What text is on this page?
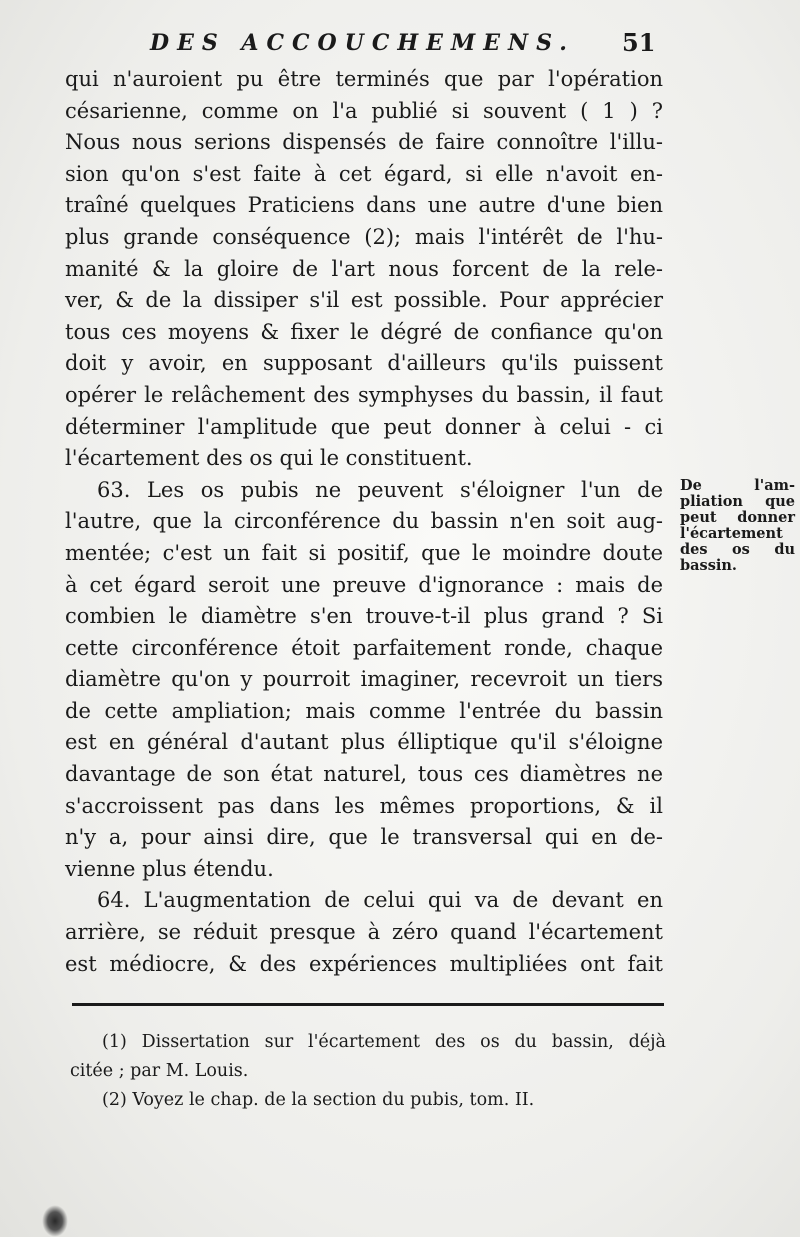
DES ACCOUCHEMENS. 51
qui n'auroient pu être terminés que par l'opération
césarienne, comme on l'a publié si souvent ( 1 ) ?
Nous nous serions dispensés de faire connoître l'illu-
sion qu'on s'est faite à cet égard, si elle n'avoit en-
traîné quelques Praticiens dans une autre d'une bien
plus grande conséquence (2); mais l'intérêt de l'hu-
manité & la gloire de l'art nous forcent de la rele-
ver, & de la dissiper s'il est possible. Pour apprécier
tous ces moyens & fixer le dégré de confiance qu'on
doit y avoir, en supposant d'ailleurs qu'ils puissent
opérer le relâchement des symphyses du bassin, il faut
déterminer l'amplitude que peut donner à celui - ci
l'écartement des os qui le constituent.
63. Les os pubis ne peuvent s'éloigner l'un de
l'autre, que la circonférence du bassin n'en soit aug-
mentée; c'est un fait si positif, que le moindre doute
à cet égard seroit une preuve d'ignorance : mais de
combien le diamètre s'en trouve-t-il plus grand ? Si
cette circonférence étoit parfaitement ronde, chaque
diamètre qu'on y pourroit imaginer, recevroit un tiers
de cette ampliation; mais comme l'entrée du bassin
est en général d'autant plus élliptique qu'il s'éloigne
davantage de son état naturel, tous ces diamètres ne
s'accroissent pas dans les mêmes proportions, & il
n'y a, pour ainsi dire, que le transversal qui en de-
vienne plus étendu.
64. L'augmentation de celui qui va de devant en
arrière, se réduit presque à zéro quand l'écartement
est médiocre, & des expériences multipliées ont fait
De l'am-
pliation que
peut donner
l'écartement
des os du
bassin.
(1) Dissertation sur l'écartement des os du bassin, déjà
citée ; par M. Louis.
(2) Voyez le chap. de la section du pubis, tom. II.
